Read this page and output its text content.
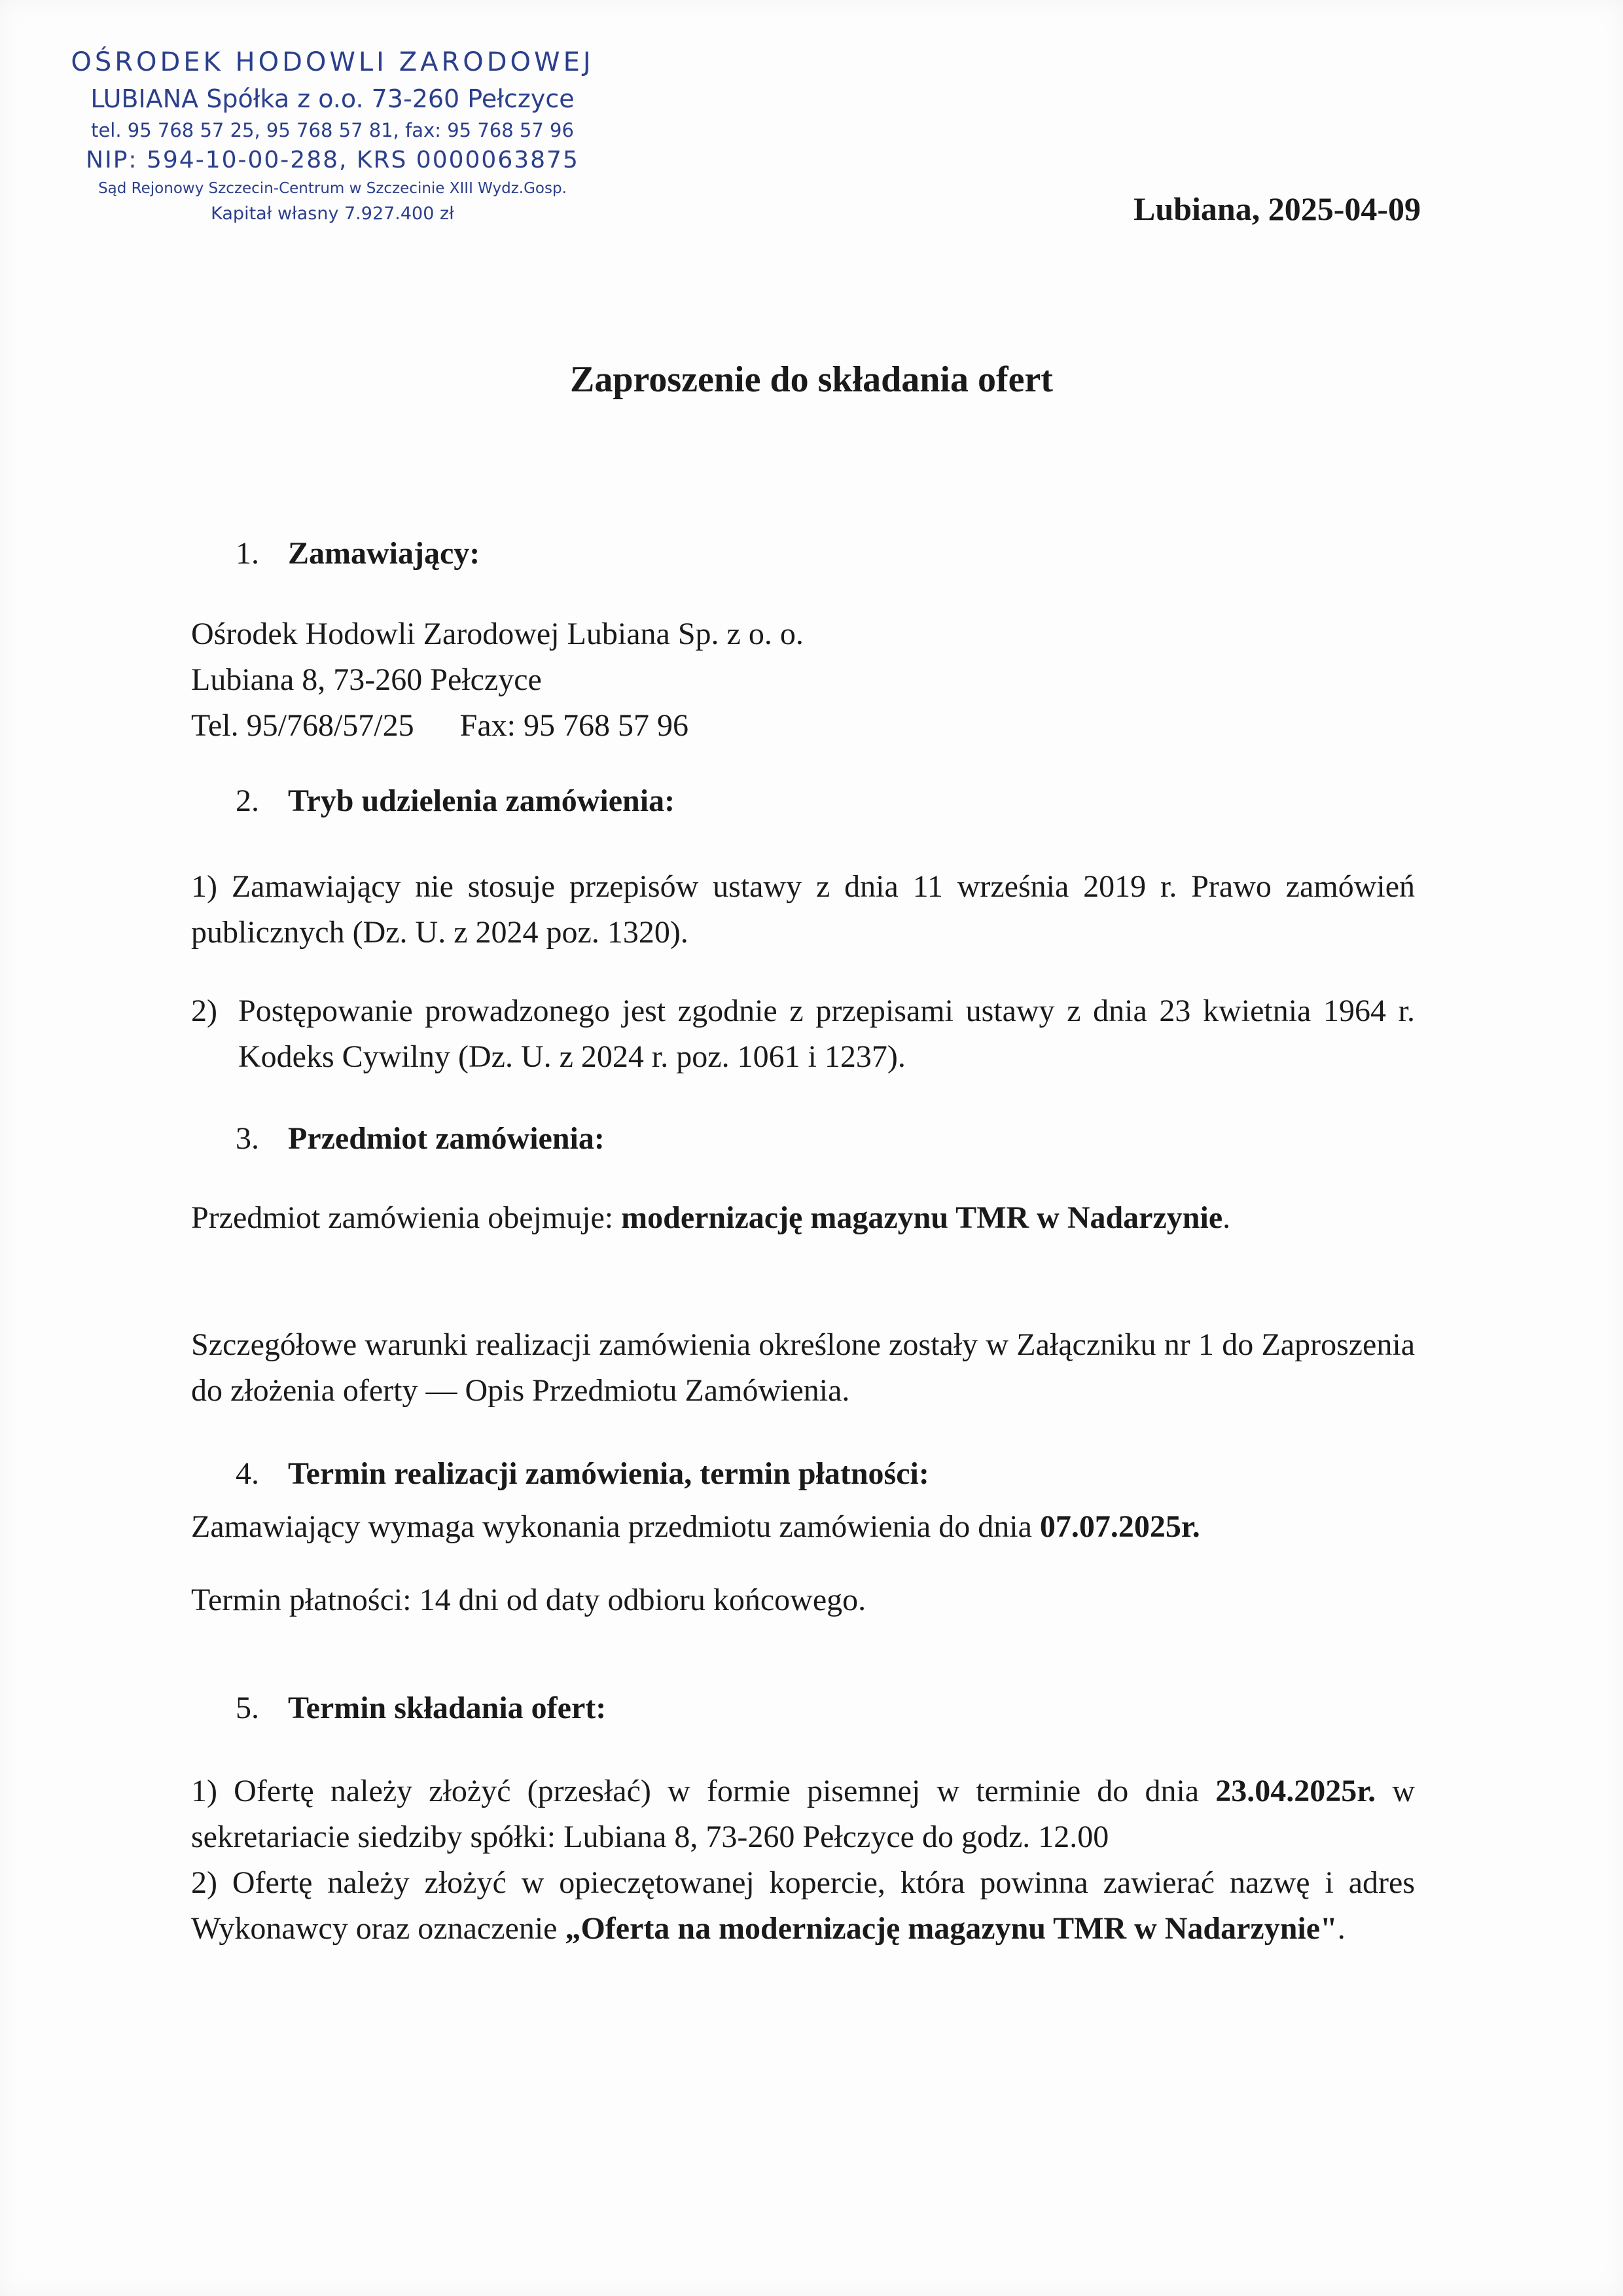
OŚRODEK HODOWLI ZARODOWEJ
LUBIANA Spółka z o.o. 73-260 Pełczyce
tel. 95 768 57 25, 95 768 57 81, fax: 95 768 57 96
NIP: 594-10-00-288, KRS 0000063875
Sąd Rejonowy Szczecin-Centrum w Szczecinie XIII Wydz.Gosp.
Kapitał własny 7.927.400 zł	Lubiana, 2025-04-09
Zaproszenie do składania ofert
1. Zamawiający:
Ośrodek Hodowli Zarodowej Lubiana Sp. z o. o.
Lubiana 8, 73-260 Pełczyce
Tel. 95/768/57/25 Fax: 95 768 57 96
2. Tryb udzielenia zamówienia:
1) Zamawiający nie stosuje przepisów ustawy z dnia 11 września 2019 r. Prawo zamówień publicznych (Dz. U. z 2024 poz. 1320).
2) Postępowanie prowadzonego jest zgodnie z przepisami ustawy z dnia 23 kwietnia 1964 r. Kodeks Cywilny (Dz. U. z 2024 r. poz. 1061 i 1237).
3. Przedmiot zamówienia:
Przedmiot zamówienia obejmuje: modernizację magazynu TMR w Nadarzynie.
Szczegółowe warunki realizacji zamówienia określone zostały w Załączniku nr 1 do Zaproszenia do złożenia oferty — Opis Przedmiotu Zamówienia.
4. Termin realizacji zamówienia, termin płatności:
Zamawiający wymaga wykonania przedmiotu zamówienia do dnia 07.07.2025r.
Termin płatności: 14 dni od daty odbioru końcowego.
5. Termin składania ofert:
1) Ofertę należy złożyć (przesłać) w formie pisemnej w terminie do dnia 23.04.2025r. w sekretariacie siedziby spółki: Lubiana 8, 73-260 Pełczyce do godz. 12.00
2) Ofertę należy złożyć w opieczętowanej kopercie, która powinna zawierać nazwę i adres Wykonawcy oraz oznaczenie „Oferta na modernizację magazynu TMR w Nadarzynie".
